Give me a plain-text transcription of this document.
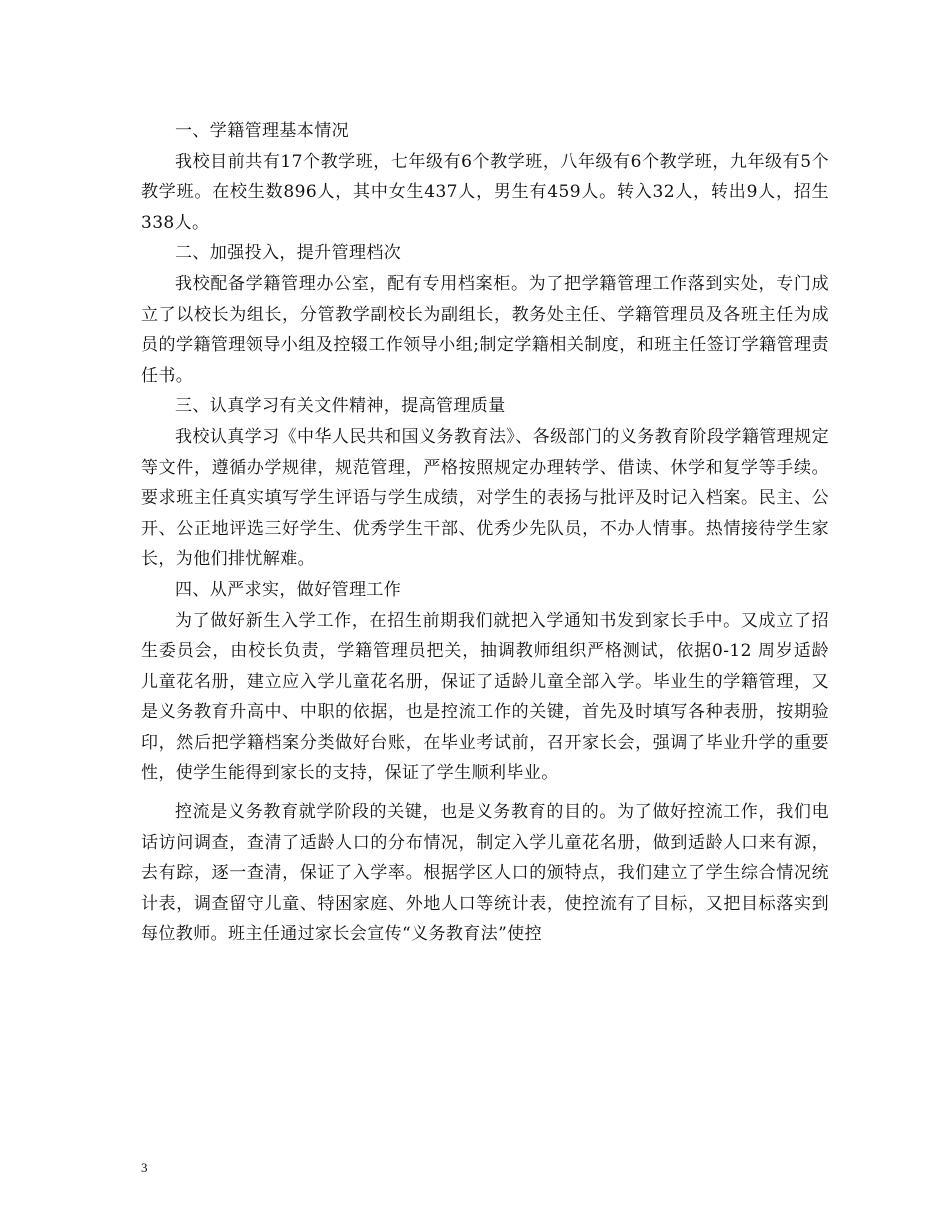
一、学籍管理基本情况

我校目前共有17个教学班，七年级有6个教学班，八年级有6个教学班，九年级有5个教学班。在校生数896人，其中女生437人，男生有459人。转入32人，转出9人，招生338人。

二、加强投入，提升管理档次

我校配备学籍管理办公室，配有专用档案柜。为了把学籍管理工作落到实处，专门成立了以校长为组长，分管教学副校长为副组长，教务处主任、学籍管理员及各班主任为成员的学籍管理领导小组及控辍工作领导小组;制定学籍相关制度，和班主任签订学籍管理责任书。

三、认真学习有关文件精神，提高管理质量

我校认真学习《中华人民共和国义务教育法》、各级部门的义务教育阶段学籍管理规定等文件，遵循办学规律，规范管理，严格按照规定办理转学、借读、休学和复学等手续。要求班主任真实填写学生评语与学生成绩，对学生的表扬与批评及时记入档案。民主、公开、公正地评选三好学生、优秀学生干部、优秀少先队员，不办人情事。热情接待学生家长，为他们排忧解难。

四、从严求实，做好管理工作

为了做好新生入学工作，在招生前期我们就把入学通知书发到家长手中。又成立了招生委员会，由校长负责，学籍管理员把关，抽调教师组织严格测试，依据0-12 周岁适龄儿童花名册，建立应入学儿童花名册，保证了适龄儿童全部入学。毕业生的学籍管理，又是义务教育升高中、中职的依据，也是控流工作的关键，首先及时填写各种表册，按期验印，然后把学籍档案分类做好台账，在毕业考试前，召开家长会，强调了毕业升学的重要性，使学生能得到家长的支持，保证了学生顺利毕业。

控流是义务教育就学阶段的关键，也是义务教育的目的。为了做好控流工作，我们电话访问调查，查清了适龄人口的分布情况，制定入学儿童花名册，做到适龄人口来有源，去有踪，逐一查清，保证了入学率。根据学区人口的颁特点，我们建立了学生综合情况统计表，调查留守儿童、特困家庭、外地人口等统计表，使控流有了目标，又把目标落实到每位教师。班主任通过家长会宣传“义务教育法”使控

3
